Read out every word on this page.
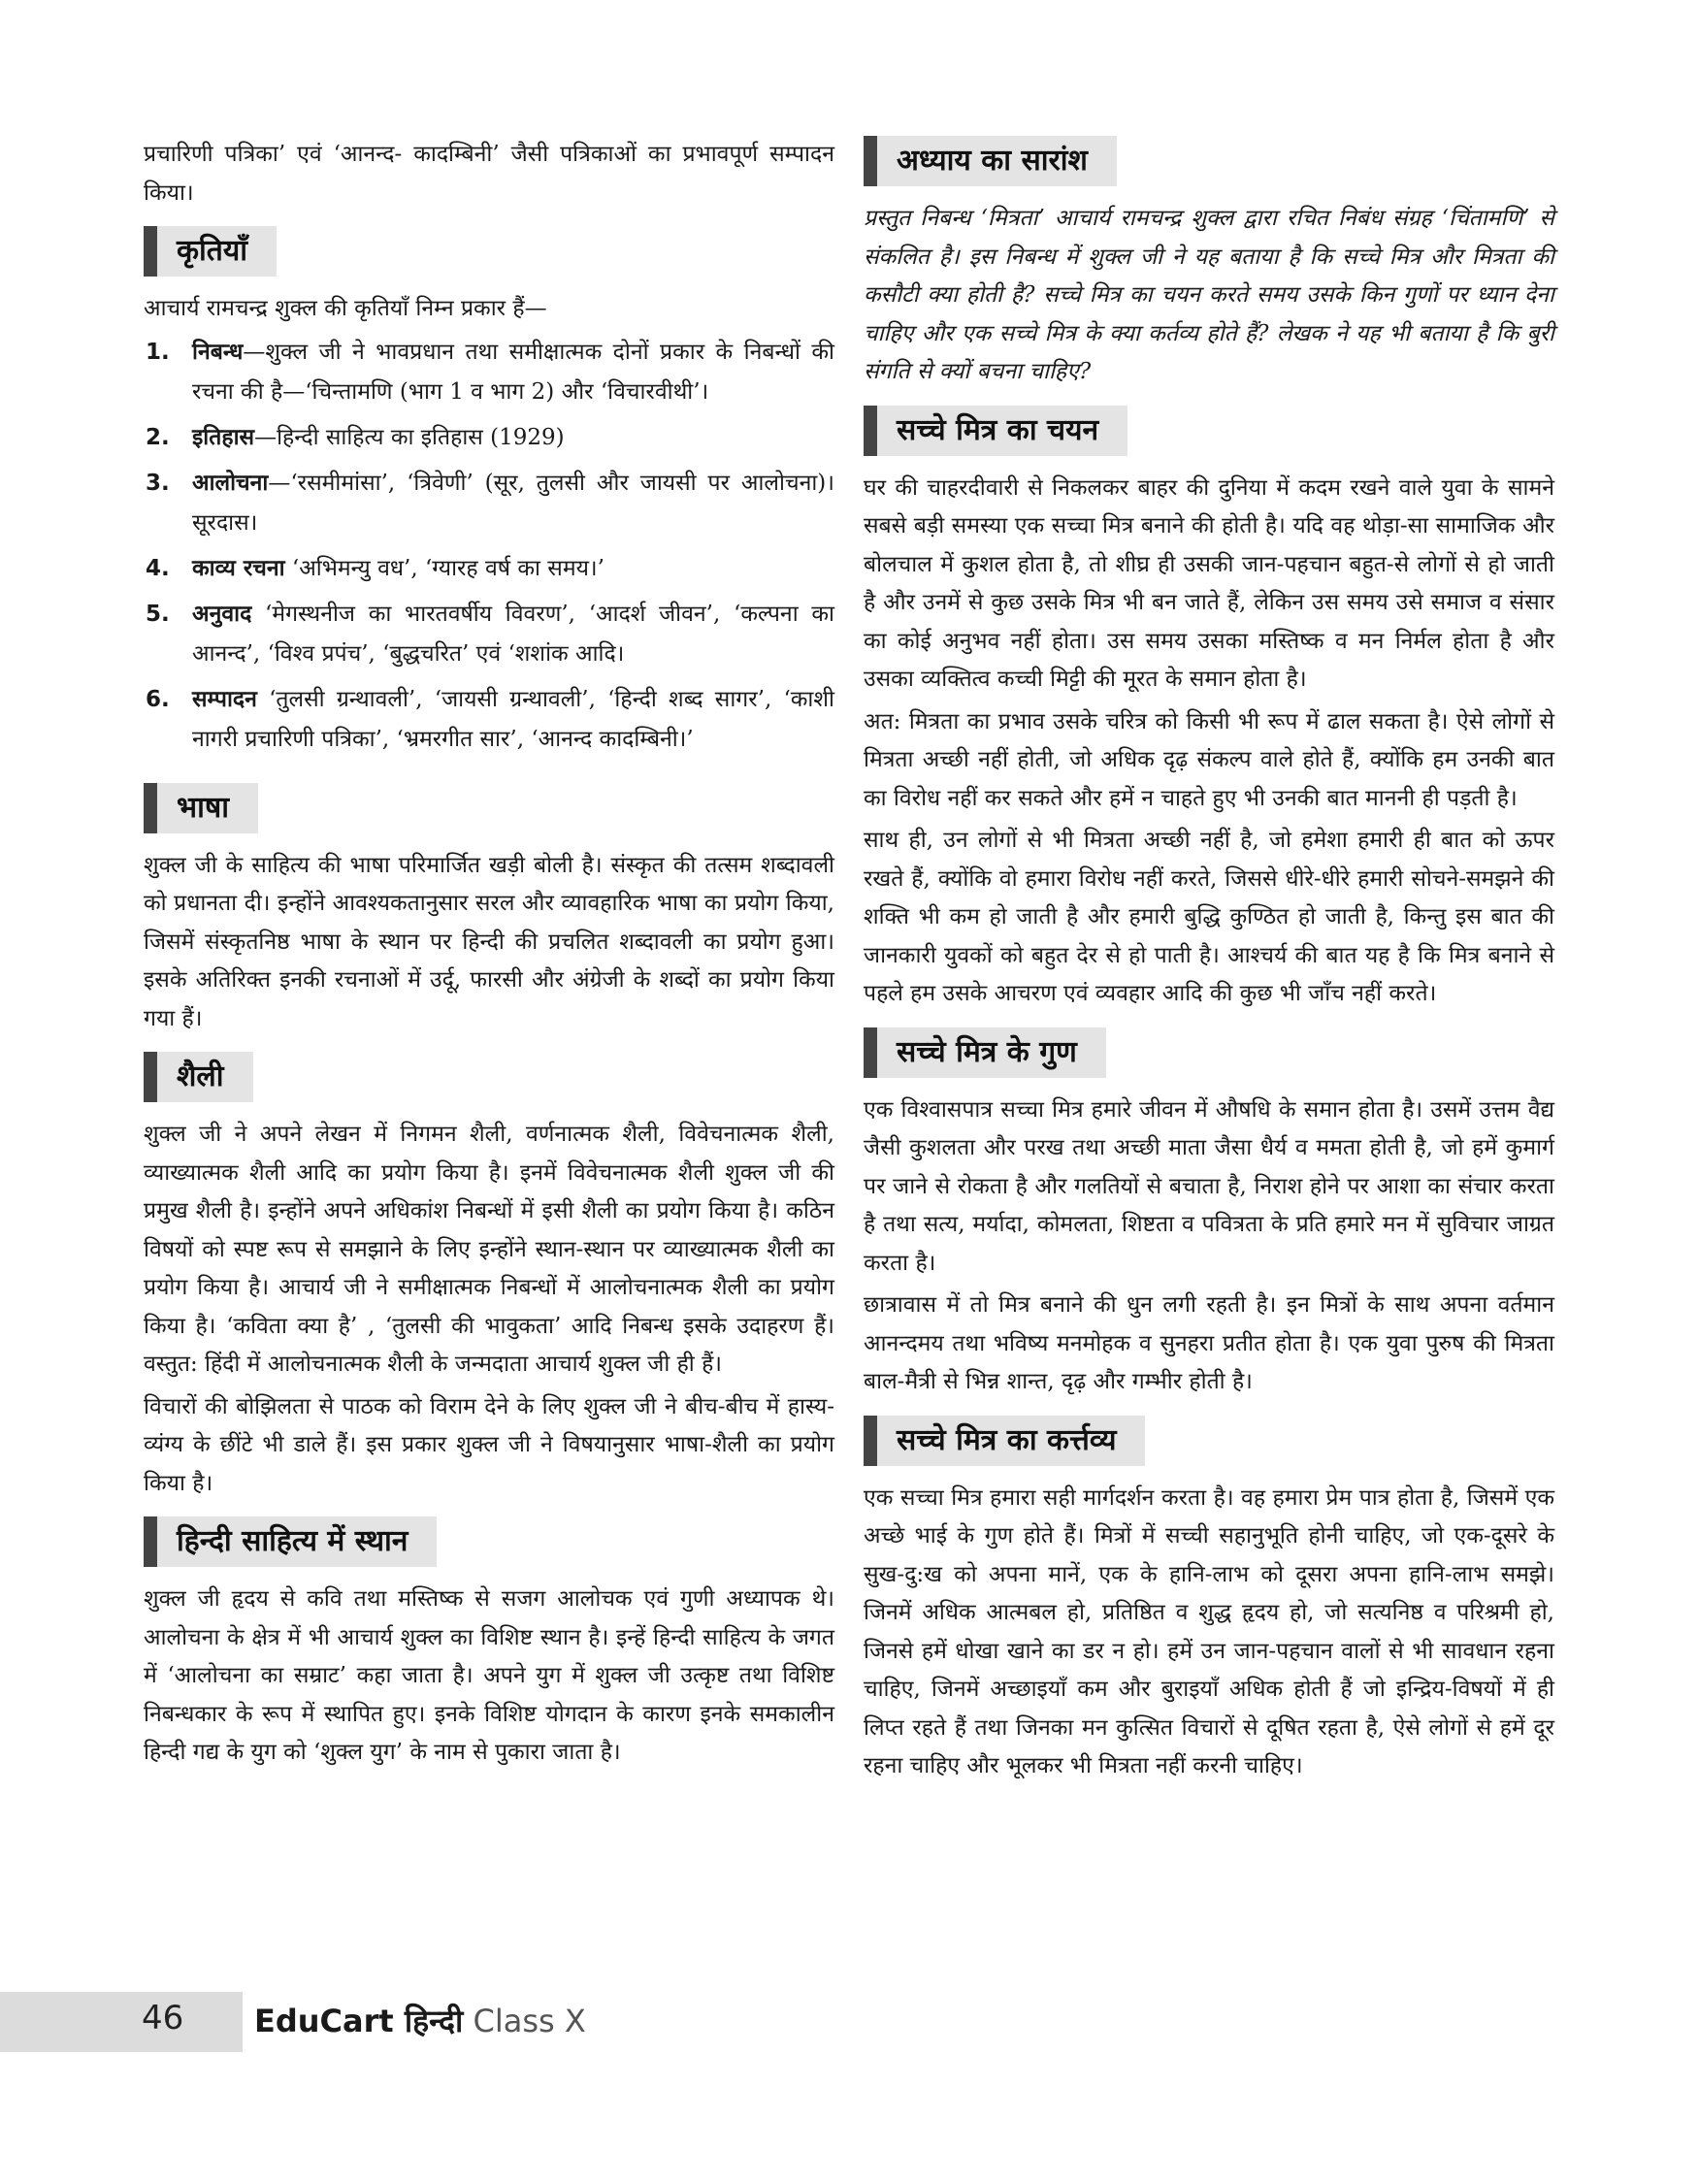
प्रचारिणी पत्रिका’ एवं ‘आनन्द- कादम्बिनी’ जैसी पत्रिकाओं का प्रभावपूर्ण सम्पादन किया।

कृतियाँ

आचार्य रामचन्द्र शुक्ल की कृतियाँ निम्न प्रकार हैं—

1. निबन्ध—शुक्ल जी ने भावप्रधान तथा समीक्षात्मक दोनों प्रकार के निबन्धों की रचना की है—‘चिन्तामणि (भाग 1 व भाग 2) और ‘विचारवीथी’।
2. इतिहास—हिन्दी साहित्य का इतिहास (1929)
3. आलोचना—‘रसमीमांसा’, ‘त्रिवेणी’ (सूर, तुलसी और जायसी पर आलोचना)। सूरदास।
4. काव्य रचना ‘अभिमन्यु वध’, ‘ग्यारह वर्ष का समय।’
5. अनुवाद ‘मेगस्थनीज का भारतवर्षीय विवरण’, ‘आदर्श जीवन’, ‘कल्पना का आनन्द’, ‘विश्व प्रपंच’, ‘बुद्धचरित’ एवं ‘शशांक आदि।
6. सम्पादन ‘तुलसी ग्रन्थावली’, ‘जायसी ग्रन्थावली’, ‘हिन्दी शब्द सागर’, ‘काशी नागरी प्रचारिणी पत्रिका’, ‘भ्रमरगीत सार’, ‘आनन्द कादम्बिनी।’
भाषा

शुक्ल जी के साहित्य की भाषा परिमार्जित खड़ी बोली है। संस्कृत की तत्सम शब्दावली को प्रधानता दी। इन्होंने आवश्यकतानुसार सरल और व्यावहारिक भाषा का प्रयोग किया, जिसमें संस्कृतनिष्ठ भाषा के स्थान पर हिन्दी की प्रचलित शब्दावली का प्रयोग हुआ। इसके अतिरिक्त इनकी रचनाओं में उर्दू, फारसी और अंग्रेजी के शब्दों का प्रयोग किया गया हैं।

शैली

शुक्ल जी ने अपने लेखन में निगमन शैली, वर्णनात्मक शैली, विवेचनात्मक शैली, व्याख्यात्मक शैली आदि का प्रयोग किया है। इनमें विवेचनात्मक शैली शुक्ल जी की प्रमुख शैली है। इन्होंने अपने अधिकांश निबन्धों में इसी शैली का प्रयोग किया है। कठिन विषयों को स्पष्ट रूप से समझाने के लिए इन्होंने स्थान-स्थान पर व्याख्यात्मक शैली का प्रयोग किया है। आचार्य जी ने समीक्षात्मक निबन्धों में आलोचनात्मक शैली का प्रयोग किया है। ‘कविता क्या है’ , ‘तुलसी की भावुकता’ आदि निबन्ध इसके उदाहरण हैं। वस्तुत: हिंदी में आलोचनात्मक शैली के जन्मदाता आचार्य शुक्ल जी ही हैं।

विचारों की बोझिलता से पाठक को विराम देने के लिए शुक्ल जी ने बीच-बीच में हास्य-व्यंग्य के छींटे भी डाले हैं। इस प्रकार शुक्ल जी ने विषयानुसार भाषा-शैली का प्रयोग किया है।

हिन्दी साहित्य में स्थान

शुक्ल जी हृदय से कवि तथा मस्तिष्क से सजग आलोचक एवं गुणी अध्यापक थे। आलोचना के क्षेत्र में भी आचार्य शुक्ल का विशिष्ट स्थान है। इन्हें हिन्दी साहित्य के जगत में ‘आलोचना का सम्राट’ कहा जाता है। अपने युग में शुक्ल जी उत्कृष्ट तथा विशिष्ट निबन्धकार के रूप में स्थापित हुए। इनके विशिष्ट योगदान के कारण इनके समकालीन हिन्दी गद्य के युग को ‘शुक्ल युग’ के नाम से पुकारा जाता है।

अध्याय का सारांश

प्रस्तुत निबन्ध ‘मित्रता’ आचार्य रामचन्द्र शुक्ल द्वारा रचित निबंध संग्रह ‘चिंतामणि’ से संकलित है। इस निबन्ध में शुक्ल जी ने यह बताया है कि सच्चे मित्र और मित्रता की कसौटी क्या होती है? सच्चे मित्र का चयन करते समय उसके किन गुणों पर ध्यान देना चाहिए और एक सच्चे मित्र के क्या कर्तव्य होते हैं? लेखक ने यह भी बताया है कि बुरी संगति से क्यों बचना चाहिए?

सच्चे मित्र का चयन

घर की चाहरदीवारी से निकलकर बाहर की दुनिया में कदम रखने वाले युवा के सामने सबसे बड़ी समस्या एक सच्चा मित्र बनाने की होती है। यदि वह थोड़ा-सा सामाजिक और बोलचाल में कुशल होता है, तो शीघ्र ही उसकी जान-पहचान बहुत-से लोगों से हो जाती है और उनमें से कुछ उसके मित्र भी बन जाते हैं, लेकिन उस समय उसे समाज व संसार का कोई अनुभव नहीं होता। उस समय उसका मस्तिष्क व मन निर्मल होता है और उसका व्यक्तित्व कच्ची मिट्टी की मूरत के समान होता है।

अत: मित्रता का प्रभाव उसके चरित्र को किसी भी रूप में ढाल सकता है। ऐसे लोगों से मित्रता अच्छी नहीं होती, जो अधिक दृढ़ संकल्प वाले होते हैं, क्योंकि हम उनकी बात का विरोध नहीं कर सकते और हमें न चाहते हुए भी उनकी बात माननी ही पड़ती है।

साथ ही, उन लोगों से भी मित्रता अच्छी नहीं है, जो हमेशा हमारी ही बात को ऊपर रखते हैं, क्योंकि वो हमारा विरोध नहीं करते, जिससे धीरे-धीरे हमारी सोचने-समझने की शक्ति भी कम हो जाती है और हमारी बुद्धि कुण्ठित हो जाती है, किन्तु इस बात की जानकारी युवकों को बहुत देर से हो पाती है। आश्चर्य की बात यह है कि मित्र बनाने से पहले हम उसके आचरण एवं व्यवहार आदि की कुछ भी जाँच नहीं करते।

सच्चे मित्र के गुण

एक विश्वासपात्र सच्चा मित्र हमारे जीवन में औषधि के समान होता है। उसमें उत्तम वैद्य जैसी कुशलता और परख तथा अच्छी माता जैसा धैर्य व ममता होती है, जो हमें कुमार्ग पर जाने से रोकता है और गलतियों से बचाता है, निराश होने पर आशा का संचार करता है तथा सत्य, मर्यादा, कोमलता, शिष्टता व पवित्रता के प्रति हमारे मन में सुविचार जाग्रत करता है।

छात्रावास में तो मित्र बनाने की धुन लगी रहती है। इन मित्रों के साथ अपना वर्तमान आनन्दमय तथा भविष्य मनमोहक व सुनहरा प्रतीत होता है। एक युवा पुरुष की मित्रता बाल-मैत्री से भिन्न शान्त, दृढ़ और गम्भीर होती है।

सच्चे मित्र का कर्त्तव्य

एक सच्चा मित्र हमारा सही मार्गदर्शन करता है। वह हमारा प्रेम पात्र होता है, जिसमें एक अच्छे भाई के गुण होते हैं। मित्रों में सच्ची सहानुभूति होनी चाहिए, जो एक-दूसरे के सुख-दु:ख को अपना मानें, एक के हानि-लाभ को दूसरा अपना हानि-लाभ समझे। जिनमें अधिक आत्मबल हो, प्रतिष्ठित व शुद्ध हृदय हो, जो सत्यनिष्ठ व परिश्रमी हो, जिनसे हमें धोखा खाने का डर न हो। हमें उन जान-पहचान वालों से भी सावधान रहना चाहिए, जिनमें अच्छाइयाँ कम और बुराइयाँ अधिक होती हैं जो इन्द्रिय-विषयों में ही लिप्त रहते हैं तथा जिनका मन कुत्सित विचारों से दूषित रहता है, ऐसे लोगों से हमें दूर रहना चाहिए और भूलकर भी मित्रता नहीं करनी चाहिए।

46 EduCart हिन्दी Class X
